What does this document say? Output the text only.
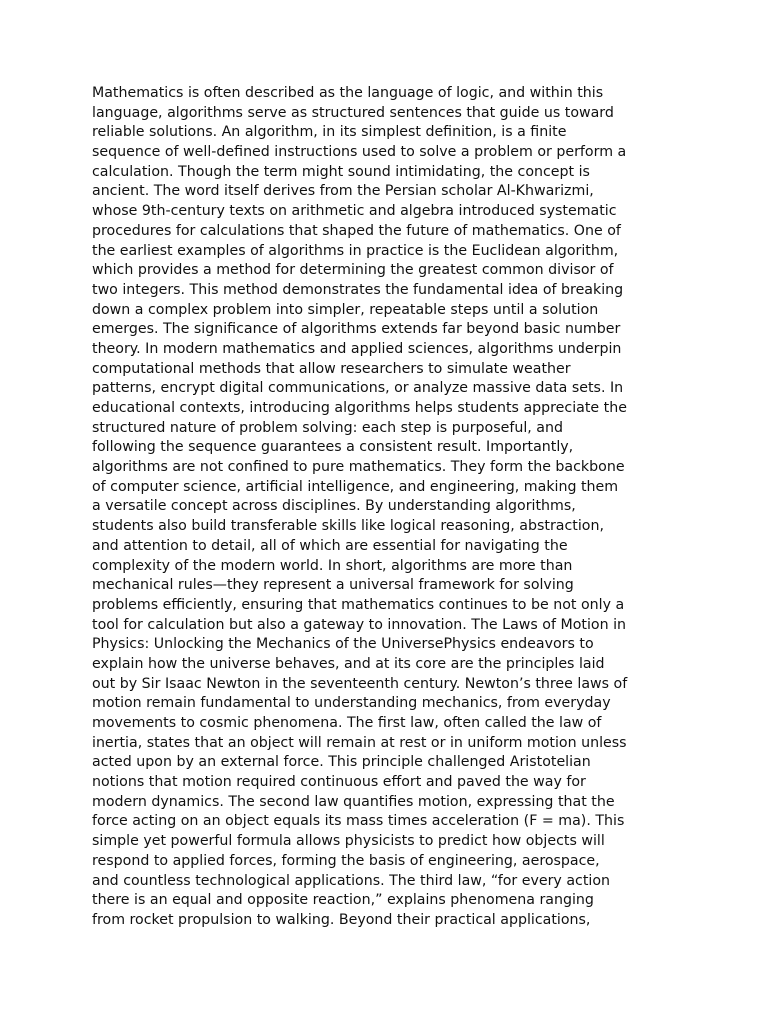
Mathematics is often described as the language of logic, and within this
language, algorithms serve as structured sentences that guide us toward
reliable solutions. An algorithm, in its simplest definition, is a finite
sequence of well-defined instructions used to solve a problem or perform a
calculation. Though the term might sound intimidating, the concept is
ancient. The word itself derives from the Persian scholar Al-Khwarizmi,
whose 9th-century texts on arithmetic and algebra introduced systematic
procedures for calculations that shaped the future of mathematics. One of
the earliest examples of algorithms in practice is the Euclidean algorithm,
which provides a method for determining the greatest common divisor of
two integers. This method demonstrates the fundamental idea of breaking
down a complex problem into simpler, repeatable steps until a solution
emerges. The significance of algorithms extends far beyond basic number
theory. In modern mathematics and applied sciences, algorithms underpin
computational methods that allow researchers to simulate weather
patterns, encrypt digital communications, or analyze massive data sets. In
educational contexts, introducing algorithms helps students appreciate the
structured nature of problem solving: each step is purposeful, and
following the sequence guarantees a consistent result. Importantly,
algorithms are not confined to pure mathematics. They form the backbone
of computer science, artificial intelligence, and engineering, making them
a versatile concept across disciplines. By understanding algorithms,
students also build transferable skills like logical reasoning, abstraction,
and attention to detail, all of which are essential for navigating the
complexity of the modern world. In short, algorithms are more than
mechanical rules—they represent a universal framework for solving
problems efficiently, ensuring that mathematics continues to be not only a
tool for calculation but also a gateway to innovation. The Laws of Motion in
Physics: Unlocking the Mechanics of the UniversePhysics endeavors to
explain how the universe behaves, and at its core are the principles laid
out by Sir Isaac Newton in the seventeenth century. Newton’s three laws of
motion remain fundamental to understanding mechanics, from everyday
movements to cosmic phenomena. The first law, often called the law of
inertia, states that an object will remain at rest or in uniform motion unless
acted upon by an external force. This principle challenged Aristotelian
notions that motion required continuous effort and paved the way for
modern dynamics. The second law quantifies motion, expressing that the
force acting on an object equals its mass times acceleration (F = ma). This
simple yet powerful formula allows physicists to predict how objects will
respond to applied forces, forming the basis of engineering, aerospace,
and countless technological applications. The third law, “for every action
there is an equal and opposite reaction,” explains phenomena ranging
from rocket propulsion to walking. Beyond their practical applications,
